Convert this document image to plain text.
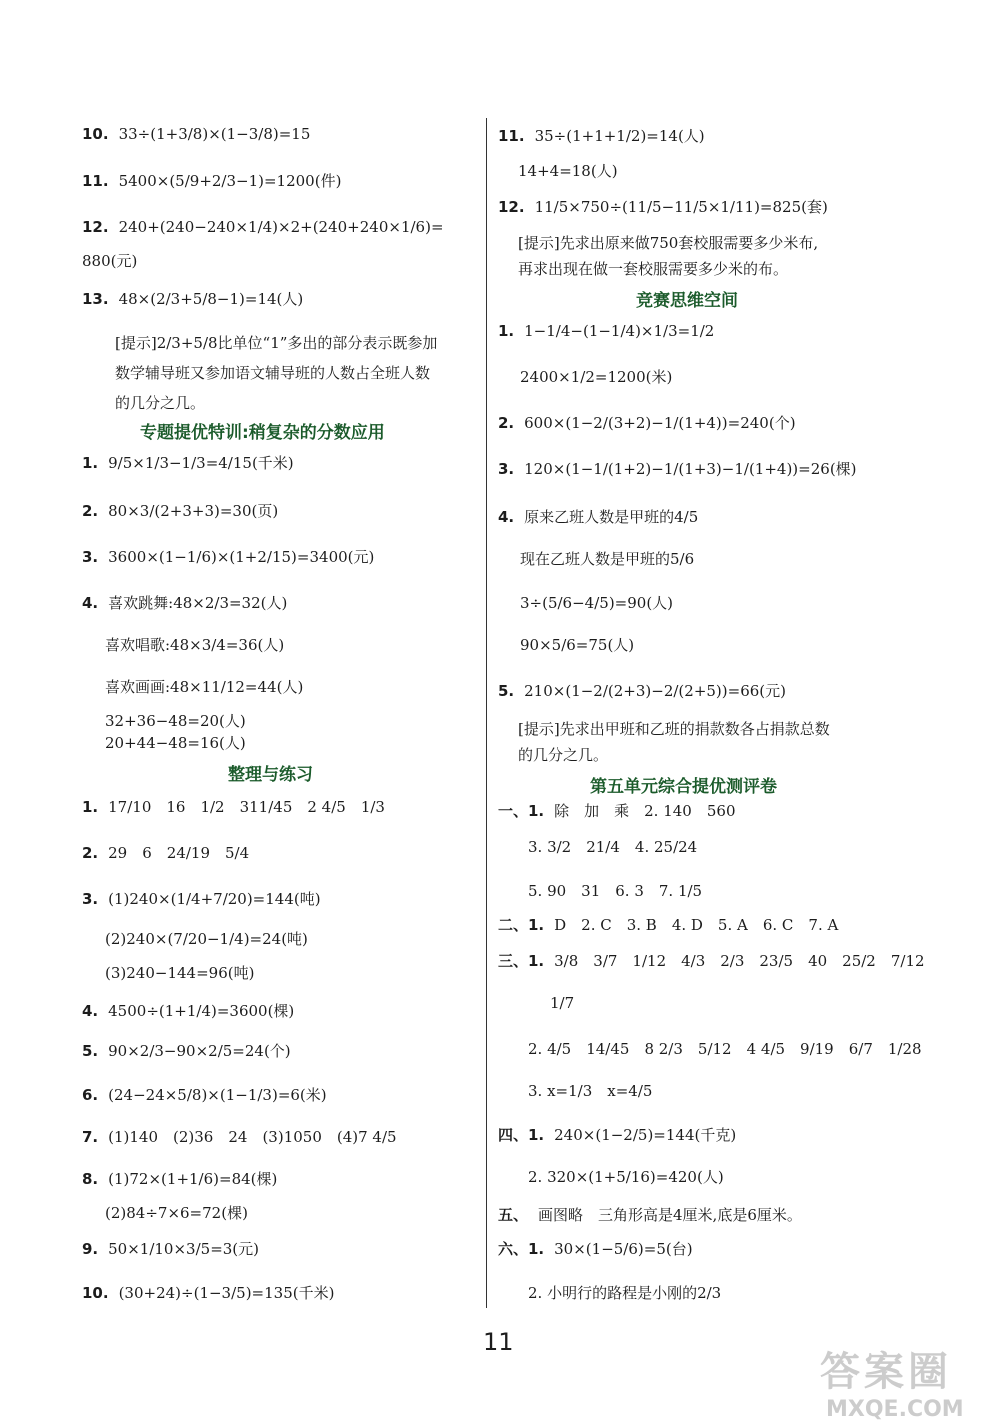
10. 33÷(1+3/8)×(1−3/8)=15
11. 5400×(5/9+2/3−1)=1200(件)
12. 240+(240−240×1/4)×2+(240+240×1/6)=
880(元)
13. 48×(2/3+5/8−1)=14(人)
[提示]2/3+5/8比单位“1”多出的部分表示既参加
数学辅导班又参加语文辅导班的人数占全班人数
的几分之几。
专题提优特训:稍复杂的分数应用
1. 9/5×1/3−1/3=4/15(千米)
2. 80×3/(2+3+3)=30(页)
3. 3600×(1−1/6)×(1+2/15)=3400(元)
4. 喜欢跳舞:48×2/3=32(人)
喜欢唱歌:48×3/4=36(人)
喜欢画画:48×11/12=44(人)
32+36−48=20(人)
20+44−48=16(人)
整理与练习
1. 17/10　16　1/2　311/45　2 4/5　1/3
2. 29　6　24/19　5/4
3. (1)240×(1/4+7/20)=144(吨)
(2)240×(7/20−1/4)=24(吨)
(3)240−144=96(吨)
4. 4500÷(1+1/4)=3600(棵)
5. 90×2/3−90×2/5=24(个)
6. (24−24×5/8)×(1−1/3)=6(米)
7. (1)140　(2)36　24　(3)1050　(4)7 4/5
8. (1)72×(1+1/6)=84(棵)
(2)84÷7×6=72(棵)
9. 50×1/10×3/5=3(元)
10. (30+24)÷(1−3/5)=135(千米)
11. 35÷(1+1+1/2)=14(人)
14+4=18(人)
12. 11/5×750÷(11/5−11/5×1/11)=825(套)
[提示]先求出原来做750套校服需要多少米布,
再求出现在做一套校服需要多少米的布。
竞赛思维空间
1. 1−1/4−(1−1/4)×1/3=1/2
2400×1/2=1200(米)
2. 600×(1−2/(3+2)−1/(1+4))=240(个)
3. 120×(1−1/(1+2)−1/(1+3)−1/(1+4))=26(棵)
4. 原来乙班人数是甲班的4/5
现在乙班人数是甲班的5/6
3÷(5/6−4/5)=90(人)
90×5/6=75(人)
5. 210×(1−2/(2+3)−2/(2+5))=66(元)
[提示]先求出甲班和乙班的捐款数各占捐款总数
的几分之几。
第五单元综合提优测评卷
一、1. 除　加　乘　2. 140　560
3. 3/2　21/4　4. 25/24
5. 90　31　6. 3　7. 1/5
二、1. D　2. C　3. B　4. D　5. A　6. C　7. A
三、1. 3/8　3/7　1/12　4/3　2/3　23/5　40　25/2　7/12
1/7
2. 4/5　14/45　8 2/3　5/12　4 4/5　9/19　6/7　1/28
3. x=1/3　x=4/5
四、1. 240×(1−2/5)=144(千克)
2. 320×(1+5/16)=420(人)
五、 画图略　三角形高是4厘米,底是6厘米。
六、1. 30×(1−5/6)=5(台)
2. 小明行的路程是小刚的2/3
11
答案圈
MXQE.COM
